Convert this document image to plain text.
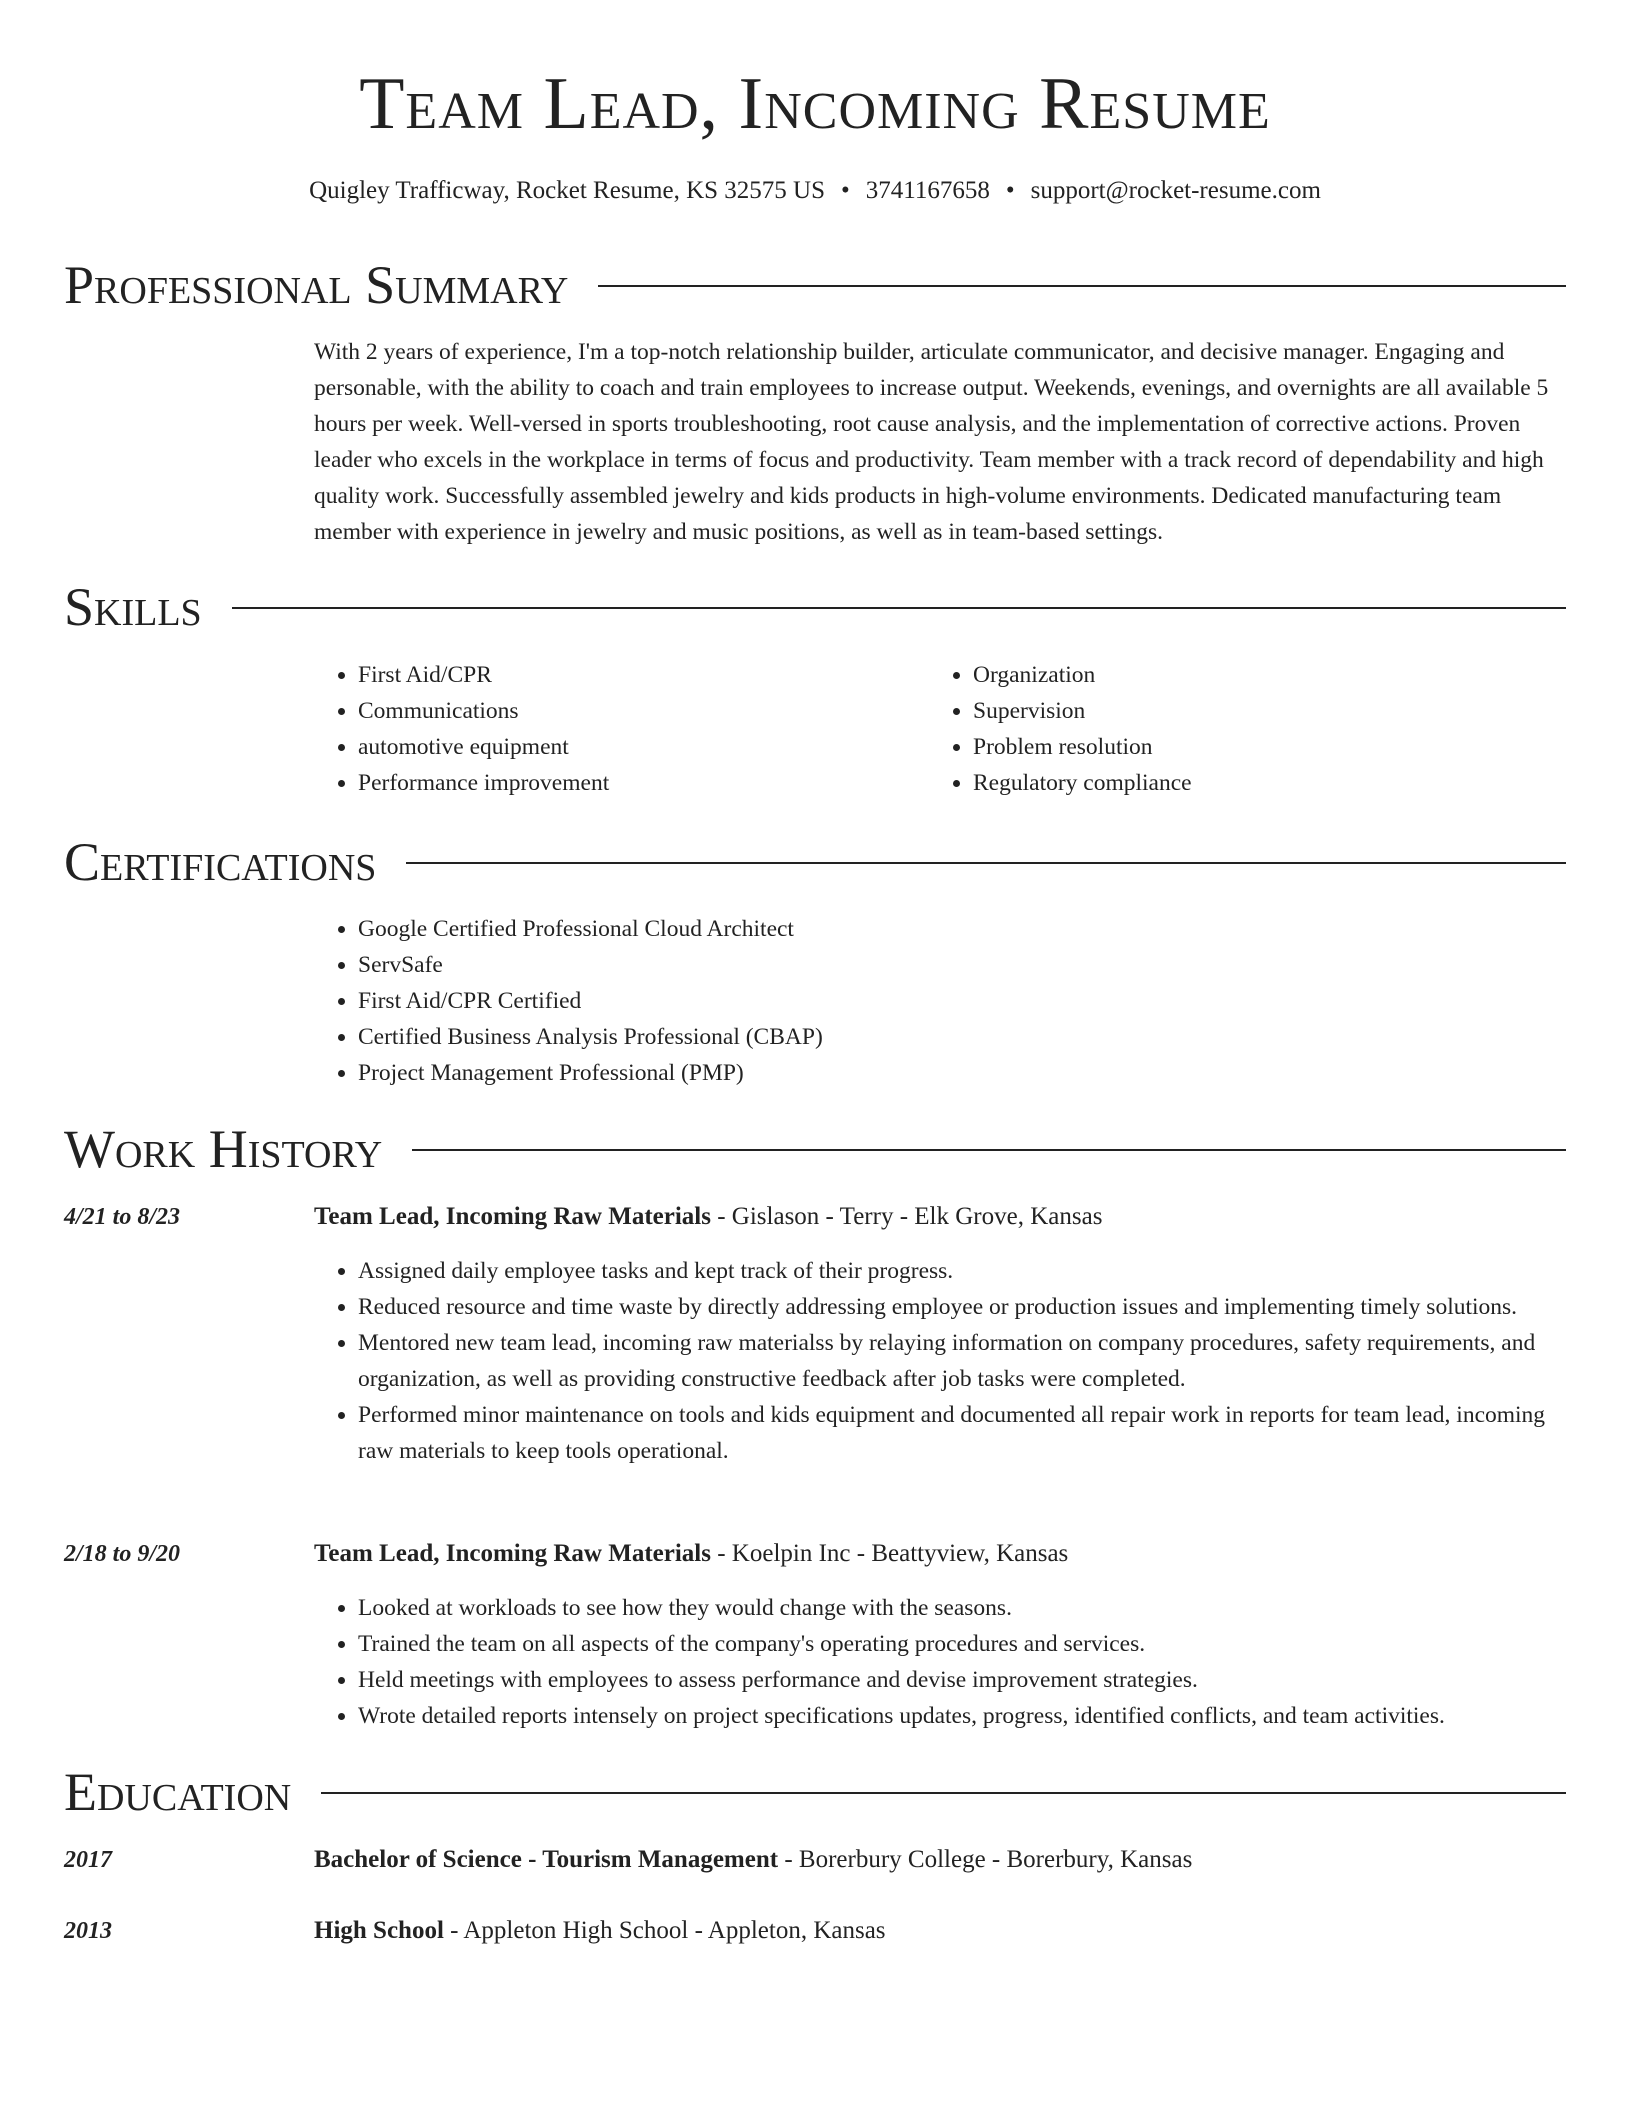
Team Lead, Incoming Resume
Quigley Trafficway, Rocket Resume, KS 32575 US • 3741167658 • support@rocket-resume.com
Professional Summary

With 2 years of experience, I'm a top-notch relationship builder, articulate communicator, and decisive manager. Engaging and personable, with the ability to coach and train employees to increase output. Weekends, evenings, and overnights are all available 5 hours per week. Well-versed in sports troubleshooting, root cause analysis, and the implementation of corrective actions. Proven leader who excels in the workplace in terms of focus and productivity. Team member with a track record of dependability and high quality work. Successfully assembled jewelry and kids products in high-volume environments. Dedicated manufacturing team member with experience in jewelry and music positions, as well as in team-based settings.

Skills
• First Aid/CPR
• Communications
• automotive equipment
• Performance improvement
• Organization
• Supervision
• Problem resolution
• Regulatory compliance
Certifications
• Google Certified Professional Cloud Architect
• ServSafe
• First Aid/CPR Certified
• Certified Business Analysis Professional (CBAP)
• Project Management Professional (PMP)
Work History
4/21 to 8/23	Team Lead, Incoming Raw Materials - Gislason - Terry - Elk Grove, Kansas
• Assigned daily employee tasks and kept track of their progress.
• Reduced resource and time waste by directly addressing employee or production issues and implementing timely solutions.
• Mentored new team lead, incoming raw materialss by relaying information on company procedures, safety requirements, and organization, as well as providing constructive feedback after job tasks were completed.
• Performed minor maintenance on tools and kids equipment and documented all repair work in reports for team lead, incoming raw materials to keep tools operational.
2/18 to 9/20	Team Lead, Incoming Raw Materials - Koelpin Inc - Beattyview, Kansas
• Looked at workloads to see how they would change with the seasons.
• Trained the team on all aspects of the company's operating procedures and services.
• Held meetings with employees to assess performance and devise improvement strategies.
• Wrote detailed reports intensely on project specifications updates, progress, identified conflicts, and team activities.
Education
2017	Bachelor of Science - Tourism Management - Borerbury College - Borerbury, Kansas
2013	High School - Appleton High School - Appleton, Kansas
